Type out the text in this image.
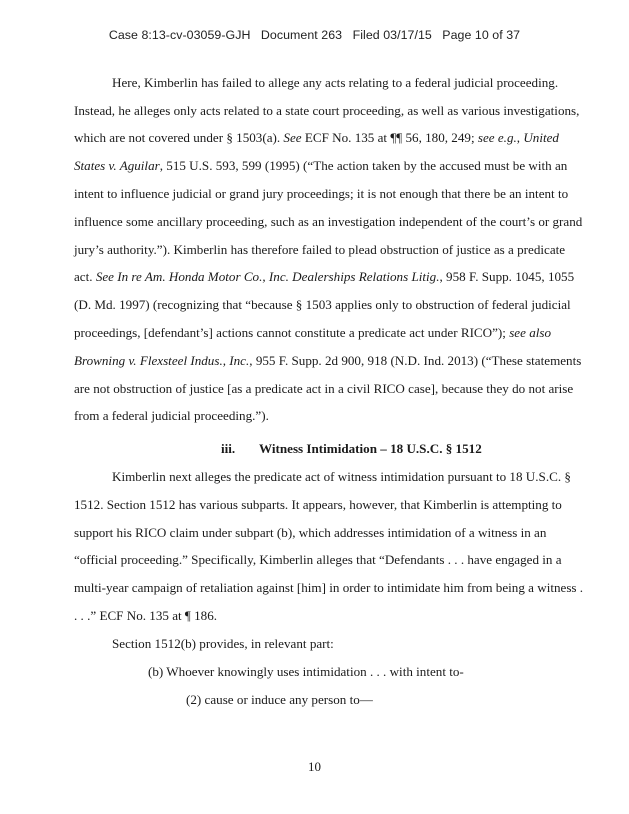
Case 8:13-cv-03059-GJH   Document 263   Filed 03/17/15   Page 10 of 37
Here, Kimberlin has failed to allege any acts relating to a federal judicial proceeding.
Instead, he alleges only acts related to a state court proceeding, as well as various investigations,
which are not covered under § 1503(a). See ECF No. 135 at ¶¶ 56, 180, 249; see e.g., United
States v. Aguilar, 515 U.S. 593, 599 (1995) (“The action taken by the accused must be with an
intent to influence judicial or grand jury proceedings; it is not enough that there be an intent to
influence some ancillary proceeding, such as an investigation independent of the court’s or grand
jury’s authority.”). Kimberlin has therefore failed to plead obstruction of justice as a predicate
act. See In re Am. Honda Motor Co., Inc. Dealerships Relations Litig., 958 F. Supp. 1045, 1055
(D. Md. 1997) (recognizing that “because § 1503 applies only to obstruction of federal judicial
proceedings, [defendant’s] actions cannot constitute a predicate act under RICO”); see also
Browning v. Flexsteel Indus., Inc., 955 F. Supp. 2d 900, 918 (N.D. Ind. 2013) (“These statements
are not obstruction of justice [as a predicate act in a civil RICO case], because they do not arise
from a federal judicial proceeding.”).
iii. Witness Intimidation – 18 U.S.C. § 1512
Kimberlin next alleges the predicate act of witness intimidation pursuant to 18 U.S.C. §
1512. Section 1512 has various subparts. It appears, however, that Kimberlin is attempting to
support his RICO claim under subpart (b), which addresses intimidation of a witness in an
“official proceeding.” Specifically, Kimberlin alleges that “Defendants . . . have engaged in a
multi-year campaign of retaliation against [him] in order to intimidate him from being a witness .
. . .” ECF No. 135 at ¶ 186.
Section 1512(b) provides, in relevant part:
(b) Whoever knowingly uses intimidation . . . with intent to-
(2) cause or induce any person to—
10
